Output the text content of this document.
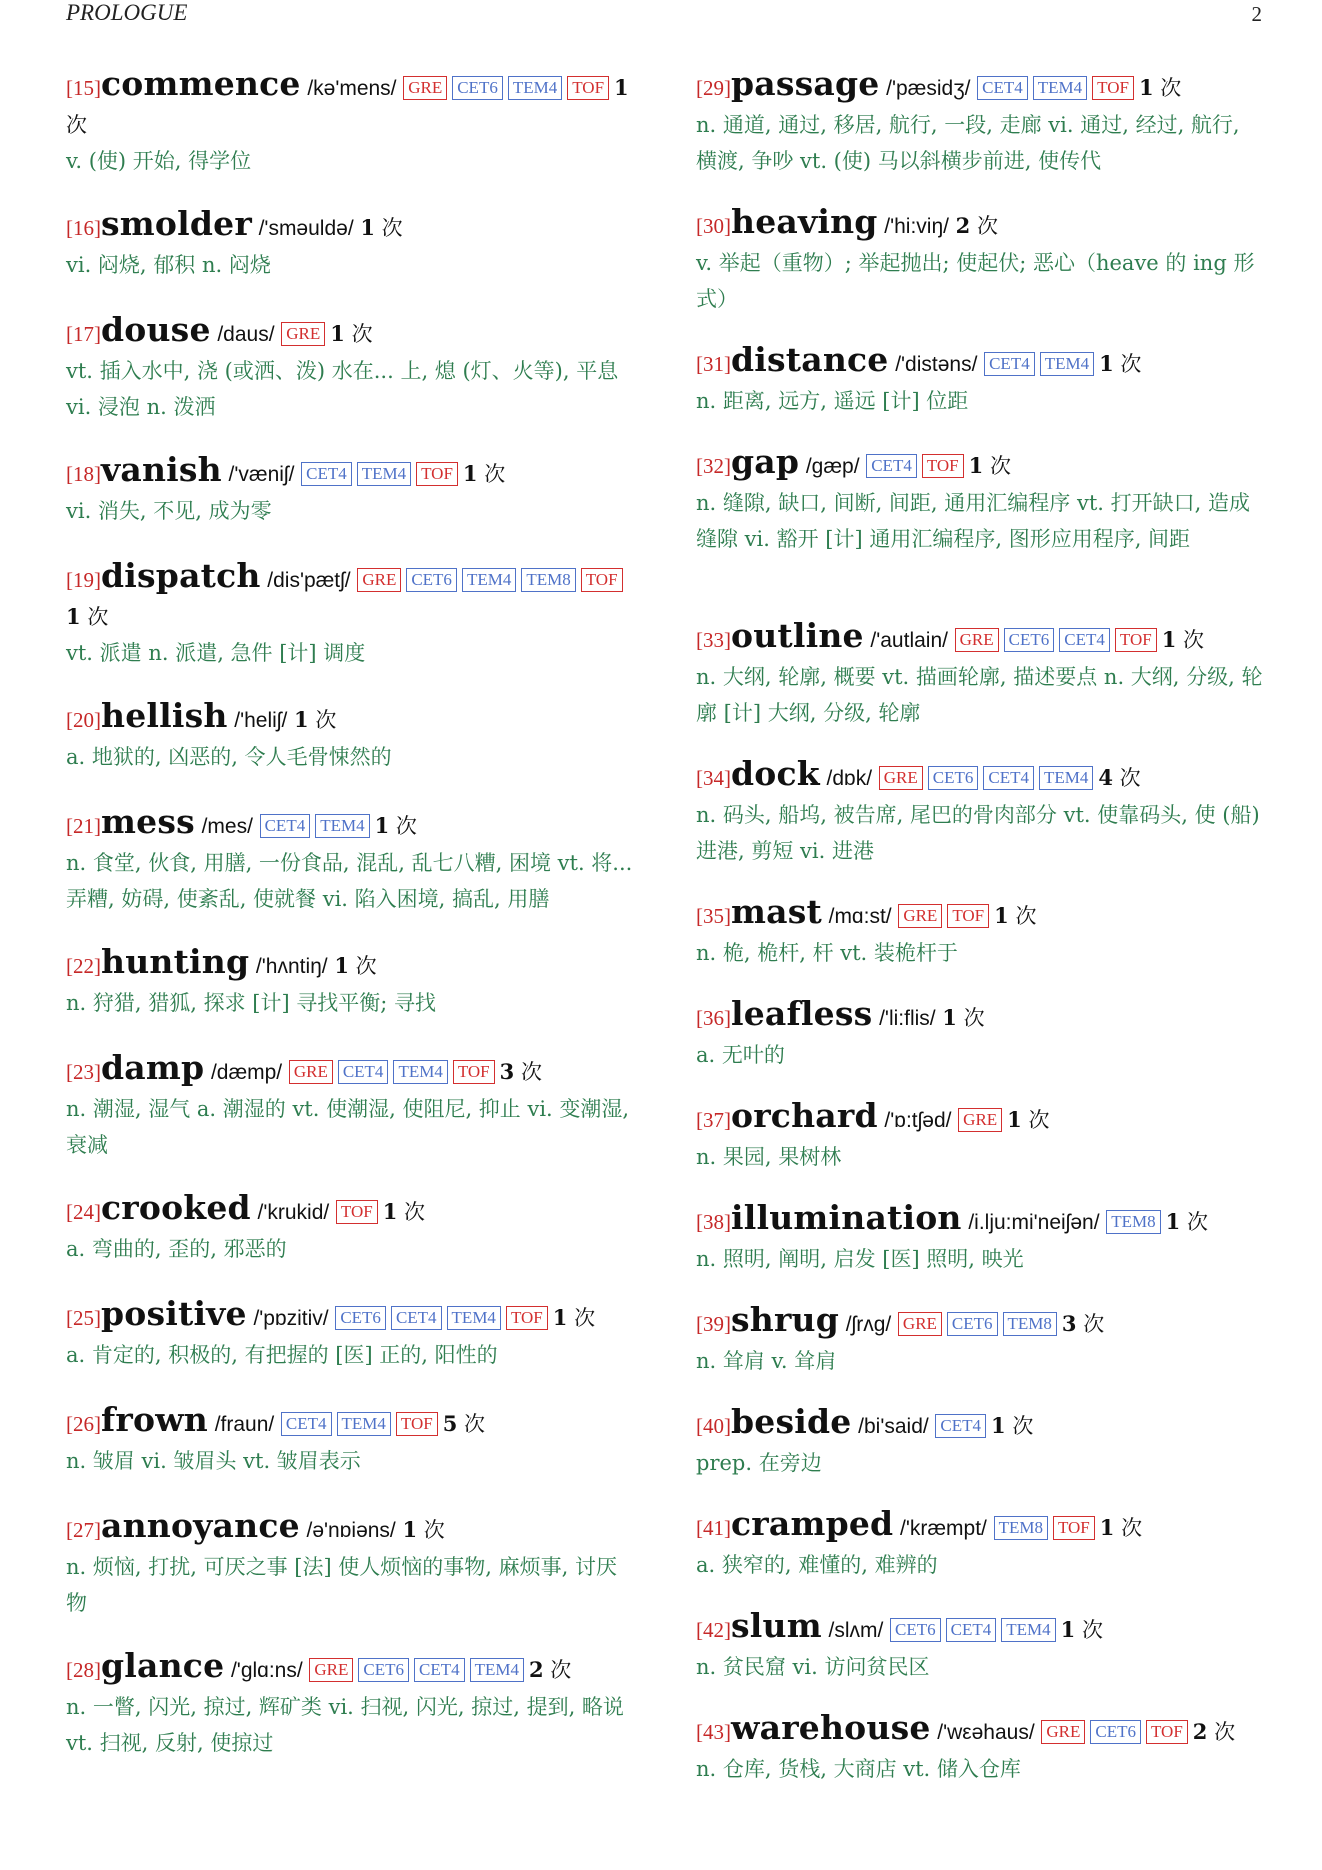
PROLOGUE	2
[15]commence /kə'mens/ GRE CET6 TEM4 TOF 1 次
v. (使) 开始, 得学位
[16]smolder /'sməuldə/ 1 次
vi. 闷烧, 郁积 n. 闷烧
[17]douse /daus/ GRE 1 次
vt. 插入水中, 浇 (或洒、泼) 水在... 上, 熄 (灯、火等), 平息 vi. 浸泡 n. 泼洒
[18]vanish /'væniʃ/ CET4 TEM4 TOF 1 次
vi. 消失, 不见, 成为零
[19]dispatch /dis'pætʃ/ GRE CET6 TEM4 TEM8 TOF1 次
vt. 派遣 n. 派遣, 急件 [计] 调度
[20]hellish /'heliʃ/ 1 次
a. 地狱的, 凶恶的, 令人毛骨悚然的
[21]mess /mes/ CET4 TEM4 1 次
n. 食堂, 伙食, 用膳, 一份食品, 混乱, 乱七八糟, 困境 vt. 将... 弄糟, 妨碍, 使紊乱, 使就餐 vi. 陷入困境, 搞乱, 用膳
[22]hunting /'hʌntiŋ/ 1 次
n. 狩猎, 猎狐, 探求 [计] 寻找平衡; 寻找
[23]damp /dæmp/ GRE CET4 TEM4 TOF 3 次
n. 潮湿, 湿气 a. 潮湿的 vt. 使潮湿, 使阻尼, 抑止 vi. 变潮湿, 衰减
[24]crooked /'krukid/ TOF 1 次
a. 弯曲的, 歪的, 邪恶的
[25]positive /'pɒzitiv/ CET6 CET4 TEM4 TOF 1 次
a. 肯定的, 积极的, 有把握的 [医] 正的, 阳性的
[26]frown /fraun/ CET4 TEM4 TOF 5 次
n. 皱眉 vi. 皱眉头 vt. 皱眉表示
[27]annoyance /ə'nɒiəns/ 1 次
n. 烦恼, 打扰, 可厌之事 [法] 使人烦恼的事物, 麻烦事, 讨厌物
[28]glance /'glɑ:ns/ GRE CET6 CET4 TEM4 2 次
n. 一瞥, 闪光, 掠过, 辉矿类 vi. 扫视, 闪光, 掠过, 提到, 略说 vt. 扫视, 反射, 使掠过
[29]passage /'pæsidʒ/ CET4 TEM4 TOF 1 次
n. 通道, 通过, 移居, 航行, 一段, 走廊 vi. 通过, 经过, 航行, 横渡, 争吵 vt. (使) 马以斜横步前进, 使传代
[30]heaving /'hi:viŋ/ 2 次
v. 举起（重物）; 举起抛出; 使起伏; 恶心（heave 的 ing 形式）
[31]distance /'distəns/ CET4 TEM4 1 次
n. 距离, 远方, 遥远 [计] 位距
[32]gap /gæp/ CET4 TOF 1 次
n. 缝隙, 缺口, 间断, 间距, 通用汇编程序 vt. 打开缺口, 造成缝隙 vi. 豁开 [计] 通用汇编程序, 图形应用程序, 间距
[33]outline /'autlain/ GRE CET6 CET4 TOF 1 次
n. 大纲, 轮廓, 概要 vt. 描画轮廓, 描述要点 n. 大纲, 分级, 轮廓 [计] 大纲, 分级, 轮廓
[34]dock /dɒk/ GRE CET6 CET4 TEM4 4 次
n. 码头, 船坞, 被告席, 尾巴的骨肉部分 vt. 使靠码头, 使 (船) 进港, 剪短 vi. 进港
[35]mast /mɑ:st/ GRE TOF 1 次
n. 桅, 桅杆, 杆 vt. 装桅杆于
[36]leafless /'li:flis/ 1 次
a. 无叶的
[37]orchard /'ɒ:tʃəd/ GRE 1 次
n. 果园, 果树林
[38]illumination /i.lju:mi'neiʃən/ TEM8 1 次
n. 照明, 阐明, 启发 [医] 照明, 映光
[39]shrug /ʃrʌg/ GRE CET6 TEM8 3 次
n. 耸肩 v. 耸肩
[40]beside /bi'said/ CET4 1 次
prep. 在旁边
[41]cramped /'kræmpt/ TEM8 TOF 1 次
a. 狭窄的, 难懂的, 难辨的
[42]slum /slʌm/ CET6 CET4 TEM4 1 次
n. 贫民窟 vi. 访问贫民区
[43]warehouse /'wεəhaus/ GRE CET6 TOF 2 次
n. 仓库, 货栈, 大商店 vt. 储入仓库
